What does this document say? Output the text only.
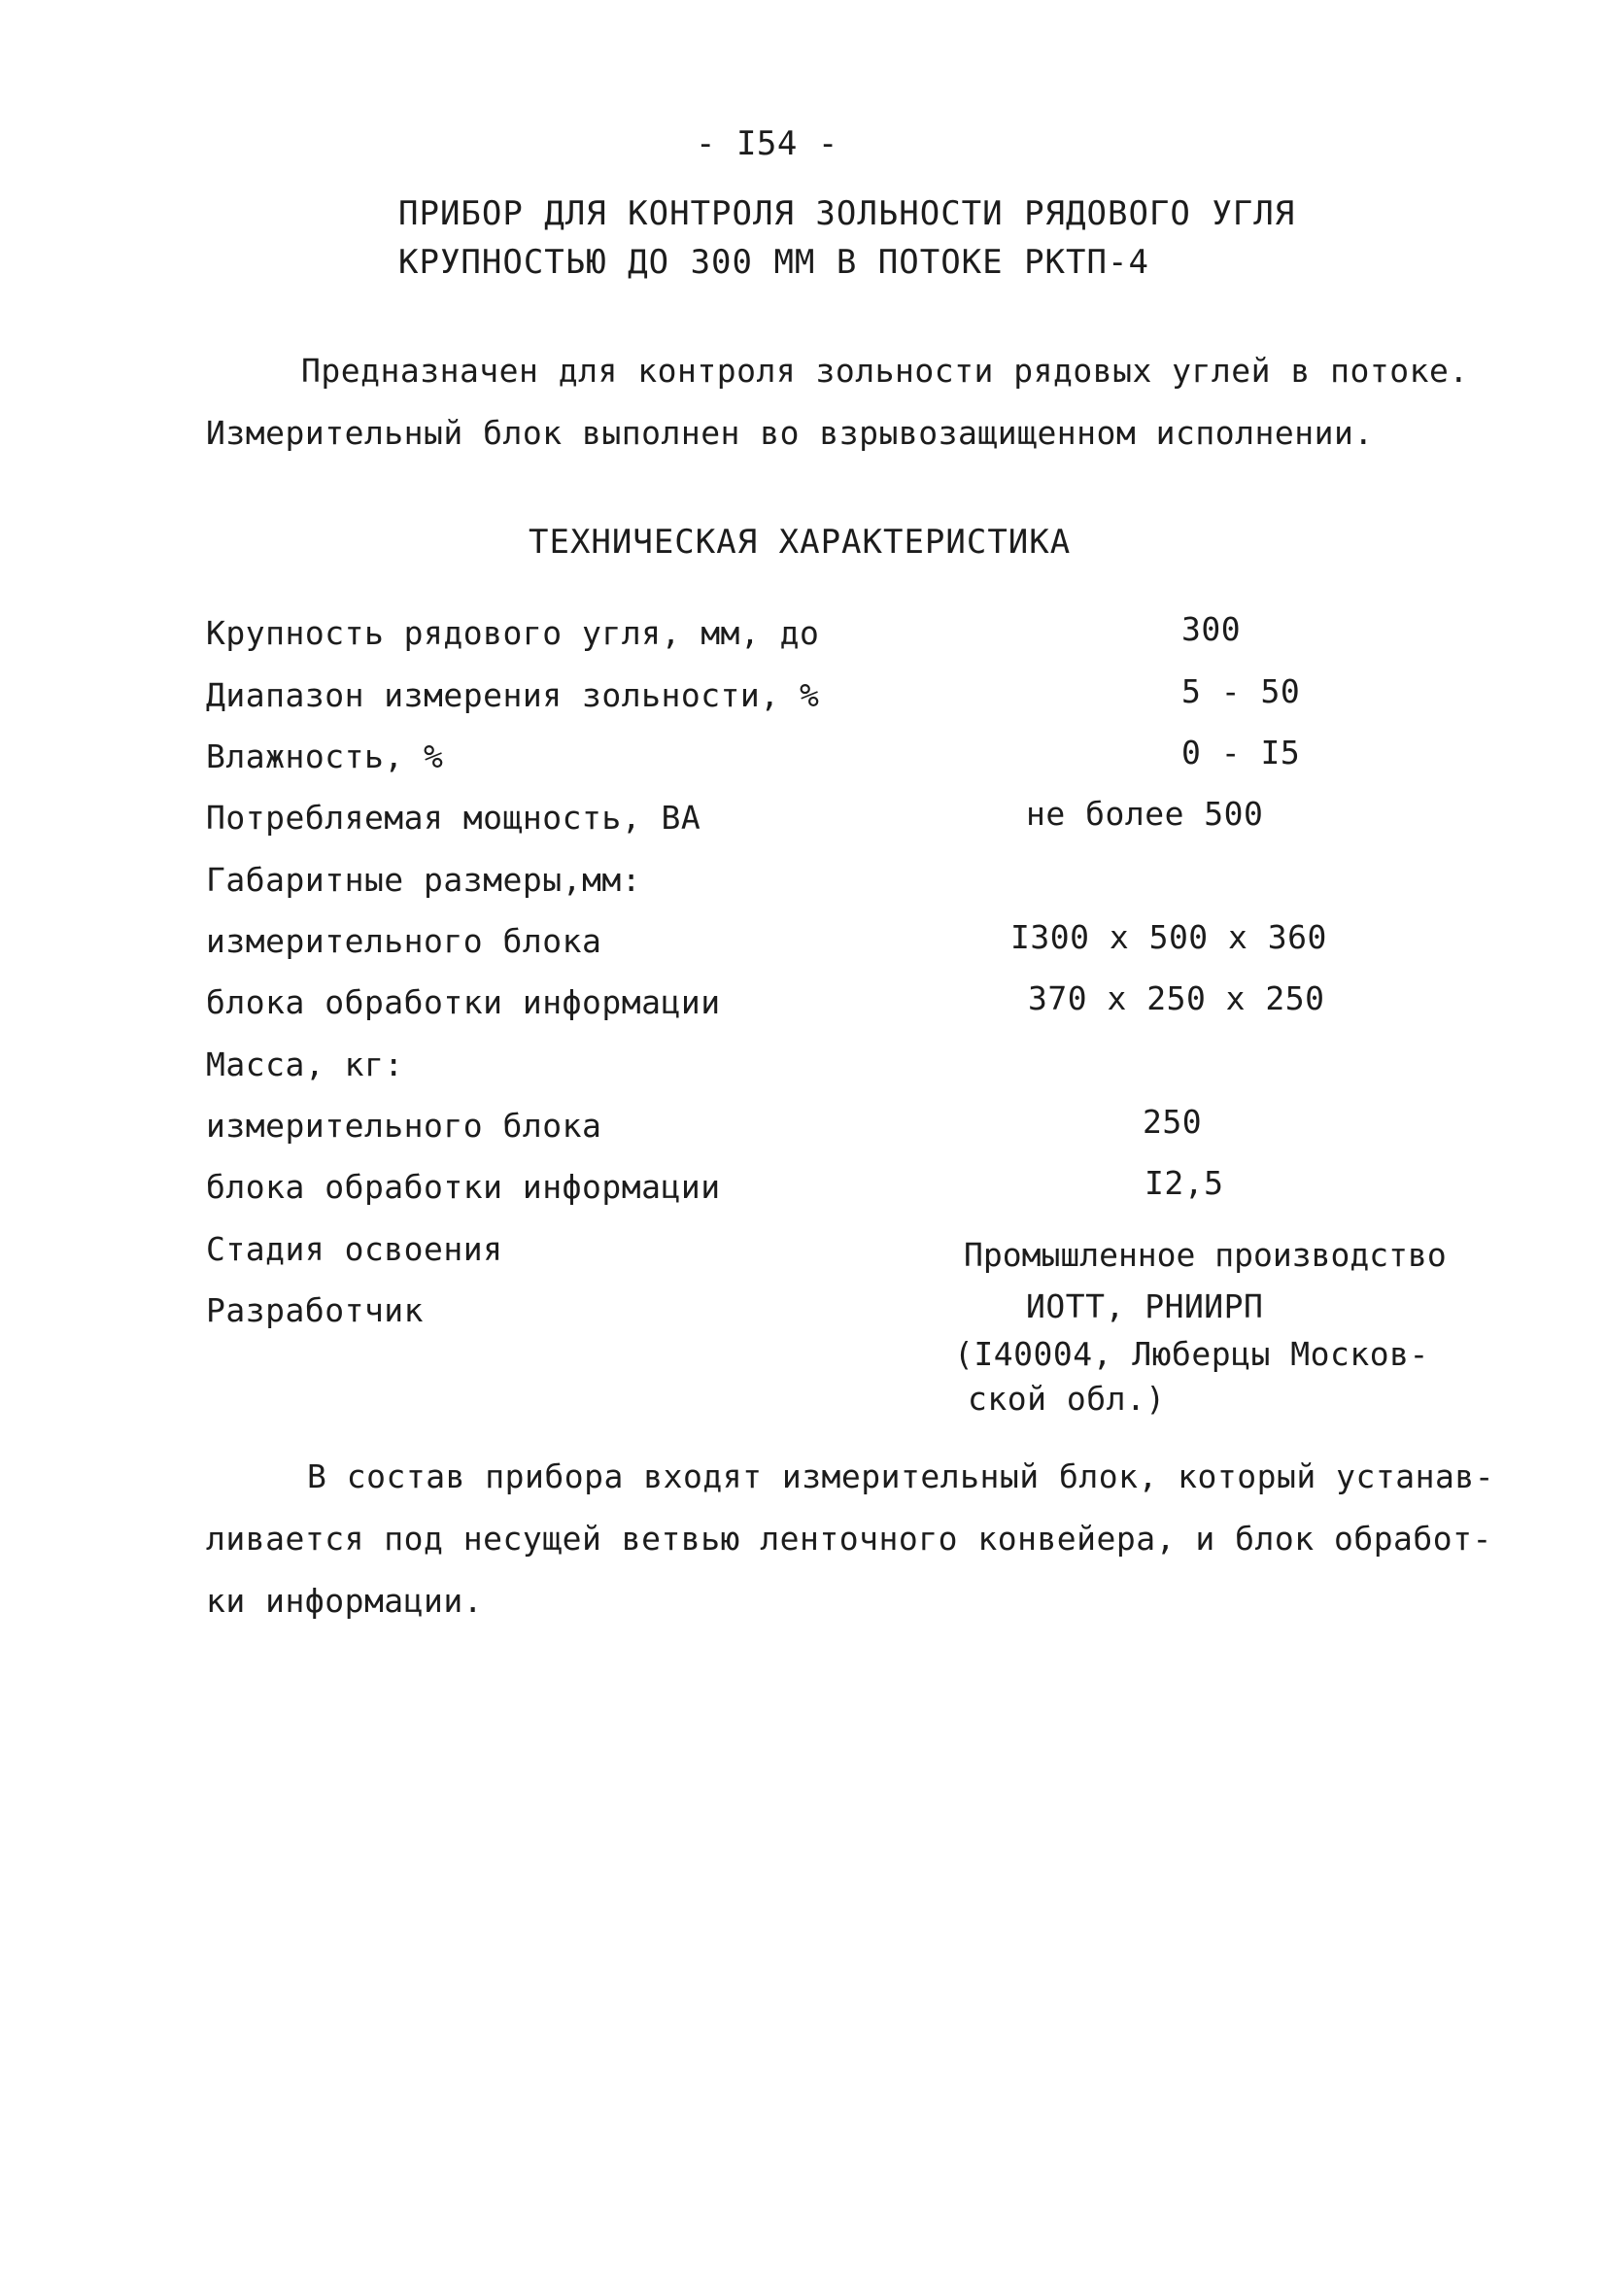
- I54 -
ПРИБОР ДЛЯ КОНТРОЛЯ ЗОЛЬНОСТИ РЯДОВОГО УГЛЯ
КРУПНОСТЬЮ ДО 300 ММ В ПОТОКЕ РКТП-4
Предназначен для контроля зольности рядовых углей в потоке.
Измерительный блок выполнен во взрывозащищенном исполнении.
ТЕХНИЧЕСКАЯ ХАРАКТЕРИСТИКА
Крупность рядового угля, мм, до	300
Диапазон измерения зольности, %	5 - 50
Влажность, %	0 - I5
Потребляемая мощность, ВА	не более 500
Габаритные размеры,мм:
измерительного блока	I300 x 500 x 360
блока обработки информации	370 x 250 x 250
Масса, кг:
измерительного блока	250
блока обработки информации	I2,5
Стадия освоения	Промышленное производство
Разработчик	ИОТТ, РНИИРП
(I40004, Люберцы Москов-
ской обл.)
В состав прибора входят измерительный блок, который устанав-
ливается под несущей ветвью ленточного конвейера, и блок обработ-
ки информации.
